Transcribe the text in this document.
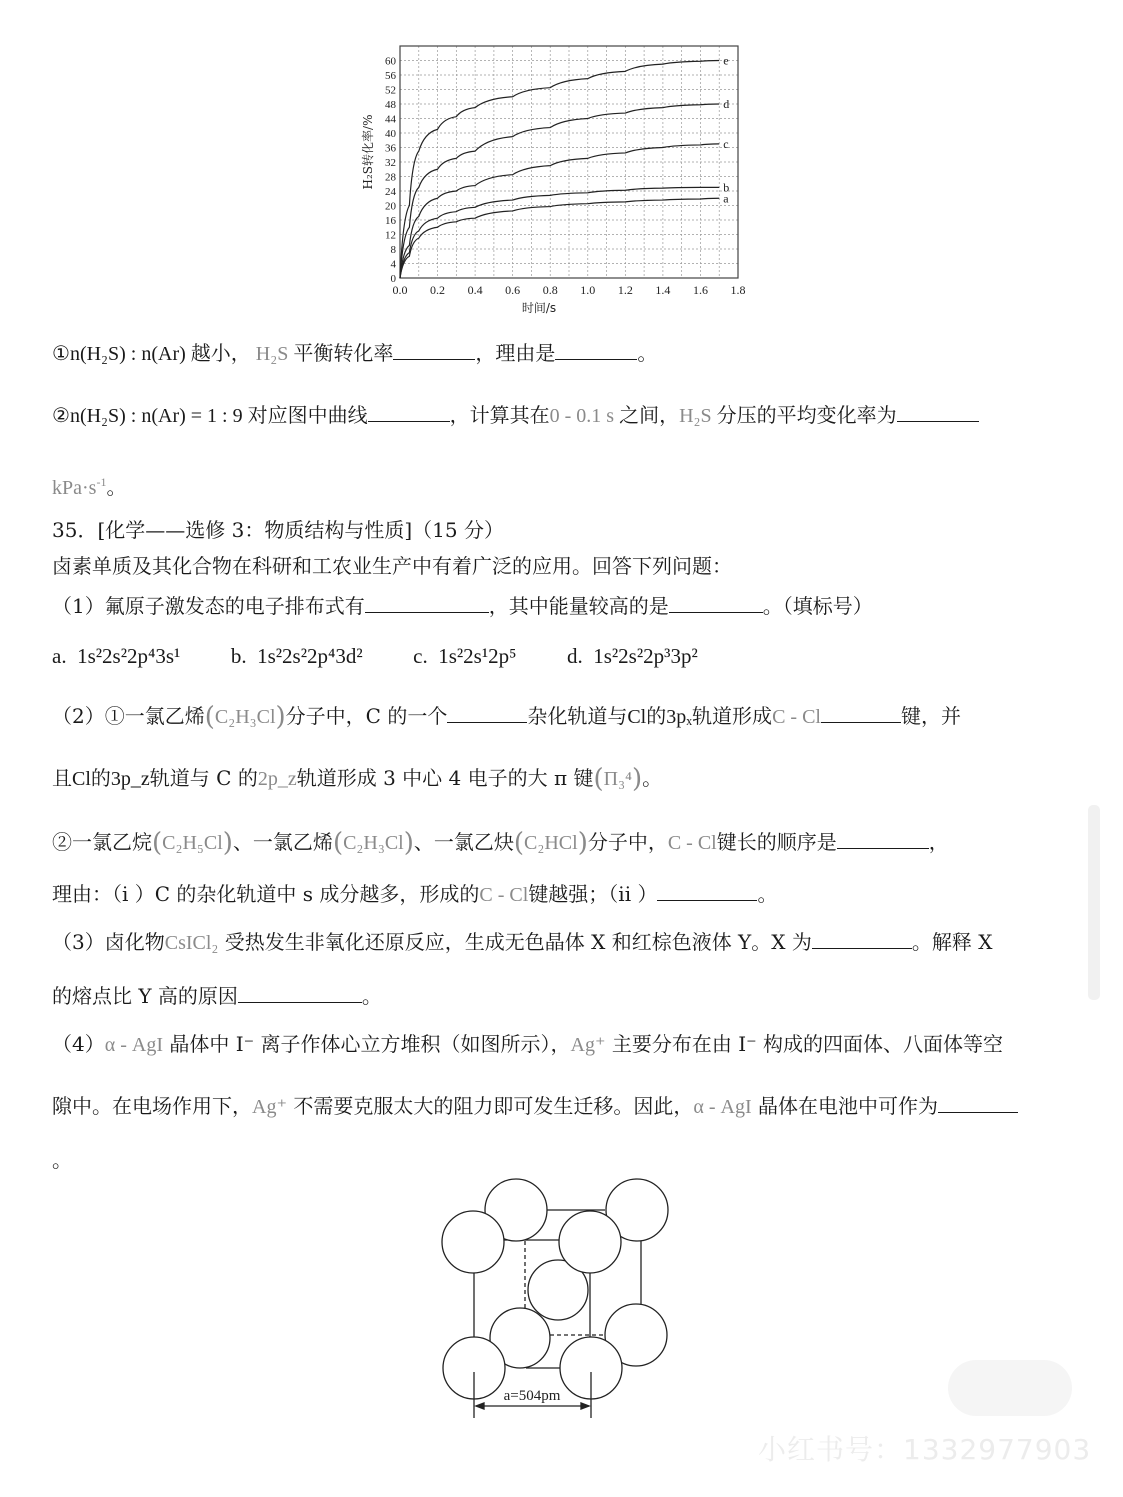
0
4
8
12
16
20
24
28
32
36
40
44
48
52
56
60
0.0 0.2 0.4 0.6 0.8 1.0 1.2 1.4 1.6 1.8
时间/s
H₂S转化率/%
e
d
c
b
a
①n(H₂S) : n(Ar) 越小， H₂S 平衡转化率	，理由是	。
②n(H₂S) : n(Ar) = 1 : 9 对应图中曲线	，计算其在0 - 0.1 s 之间，H₂S 分压的平均变化率为
$kPa\cdot s^{-1}$。
35．[化学——选修 3：物质结构与性质]（15 分）
卤素单质及其化合物在科研和工农业生产中有着广泛的应用。回答下列问题：
（1）氟原子激发态的电子排布式有	，其中能量较高的是	。（填标号）
a. 1s²2s²2p⁴3s¹ b. 1s²2s²2p⁴3d² c. 1s²2s¹2p⁵ d. 1s²2s²2p³3p²
（2）①一氯乙烯(C₂H₃Cl)分子中，C 的一个	杂化轨道与Cl的3pₓ轨道形成C - Cl	键，并
且Cl的3p_z轨道与 C 的2p_z轨道形成 3 中心 4 电子的大 π 键(Π₃⁴)。
②一氯乙烷(C₂H₅Cl)、一氯乙烯(C₂H₃Cl)、一氯乙炔(C₂HCl)分子中，C - Cl键长的顺序是	，
理由：（i ）C 的杂化轨道中 s 成分越多，形成的C - Cl键越强；（ii ）	。
（3）卤化物CsICl₂ 受热发生非氧化还原反应，生成无色晶体 X 和红棕色液体 Y。X 为	。解释 X
的熔点比 Y 高的原因	。
（4）α - AgI 晶体中 I⁻ 离子作体心立方堆积（如图所示），Ag⁺ 主要分布在由 I⁻ 构成的四面体、八面体等空
隙中。在电场作用下，Ag⁺ 不需要克服太大的阻力即可发生迁移。因此，α - AgI 晶体在电池中可作为
。
a=504pm
小红书号：1332977903
